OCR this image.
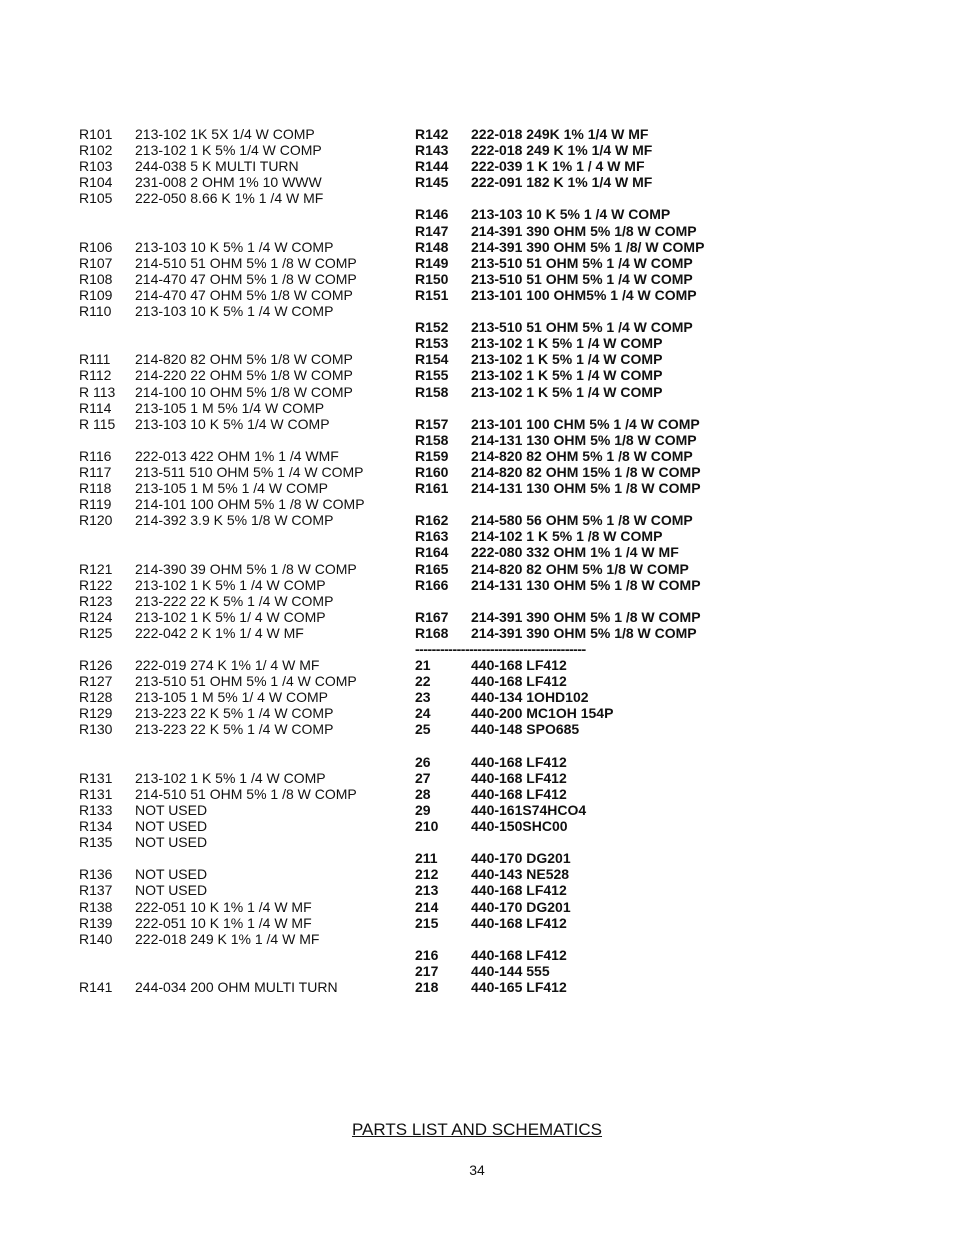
R101 213-102 1K 5X 1/4 W COMP
R102 213-102 1 K 5% 1/4 W COMP
R103 244-038 5 K MULTI TURN
R104 231-008 2 OHM 1% 10 WWW
R105 222-050 8.66 K 1% 1 /4 W MF
R106 213-103 10 K 5% 1 /4 W COMP
R107 214-510 51 OHM 5% 1 /8 W COMP
R108 214-470 47 OHM 5% 1 /8 W COMP
R109 214-470 47 OHM 5% 1/8 W COMP
R110 213-103 10 K 5% 1 /4 W COMP
R111 214-820 82 OHM 5% 1/8 W COMP
R112 214-220 22 OHM 5% 1/8 W COMP
R 113 214-100 10 OHM 5% 1/8 W COMP
R114 213-105 1 M 5% 1/4 W COMP
R 115 213-103 10 K 5% 1/4 W COMP
R116 222-013 422 OHM 1% 1 /4 WMF
R117 213-511 510 OHM 5% 1 /4 W COMP
R118 213-105 1 M 5% 1 /4 W COMP
R119 214-101 100 OHM 5% 1 /8 W COMP
R120 214-392 3.9 K 5% 1/8 W COMP
R121 214-390 39 OHM 5% 1 /8 W COMP
R122 213-102 1 K 5% 1 /4 W COMP
R123 213-222 22 K 5% 1 /4 W COMP
R124 213-102 1 K 5% 1/ 4 W COMP
R125 222-042 2 K 1% 1/ 4 W MF
R126 222-019 274 K 1% 1/ 4 W MF
R127 213-510 51 OHM 5% 1 /4 W COMP
R128 213-105 1 M 5% 1/ 4 W COMP
R129 213-223 22 K 5% 1 /4 W COMP
R130 213-223 22 K 5% 1 /4 W COMP
R131 213-102 1 K 5% 1 /4 W COMP
R131 214-510 51 OHM 5% 1 /8 W COMP
R133 NOT USED
R134 NOT USED
R135 NOT USED
R136 NOT USED
R137 NOT USED
R138 222-051 10 K 1% 1 /4 W MF
R139 222-051 10 K 1% 1 /4 W MF
R140 222-018 249 K 1% 1 /4 W MF
R141 244-034 200 OHM MULTI TURN
R142 222-018 249K 1% 1/4 W MF
R143 222-018 249 K 1% 1/4 W MF
R144 222-039 1 K 1% 1 / 4 W MF
R145 222-091 182 K 1% 1/4 W MF
R146 213-103 10 K 5% 1 /4 W COMP
R147 214-391 390 OHM 5% 1/8 W COMP
R148 214-391 390 OHM 5% 1 /8/ W COMP
R149 213-510 51 OHM 5% 1 /4 W COMP
R150 213-510 51 OHM 5% 1 /4 W COMP
R151 213-101 100 OHM5% 1 /4 W COMP
R152 213-510 51 OHM 5% 1 /4 W COMP
R153 213-102 1 K 5% 1 /4 W COMP
R154 213-102 1 K 5% 1 /4 W COMP
R155 213-102 1 K 5% 1 /4 W COMP
R158 213-102 1 K 5% 1 /4 W COMP
R157 213-101 100 CHM 5% 1 /4 W COMP
R158 214-131 130 OHM 5% 1/8 W COMP
R159 214-820 82 OHM 5% 1 /8 W COMP
R160 214-820 82 OHM 15% 1 /8 W COMP
R161 214-131 130 OHM 5% 1 /8 W COMP
R162 214-580 56 OHM 5% 1 /8 W COMP
R163 214-102 1 K 5% 1 /8 W COMP
R164 222-080 332 OHM 1% 1 /4 W MF
R165 214-820 82 OHM 5% 1/8 W COMP
R166 214-131 130 OHM 5% 1 /8 W COMP
R167 214-391 390 OHM 5% 1 /8 W COMP
R168 214-391 390 OHM 5% 1/8 W COMP
-----------------------------------------
21	440-168 LF412
22	440-168 LF412
23	440-134 1OHD102
24	440-200 MC1OH 154P
25	440-148 SPO685
26	440-168 LF412
27	440-168 LF412
28	440-168 LF412
29	440-161S74HCO4
210 440-150SHC00
211 440-170 DG201
212 440-143 NE528
213 440-168 LF412
214 440-170 DG201
215 440-168 LF412
216 440-168 LF412
217 440-144 555
218 440-165 LF412
PARTS LIST AND SCHEMATICS
34
